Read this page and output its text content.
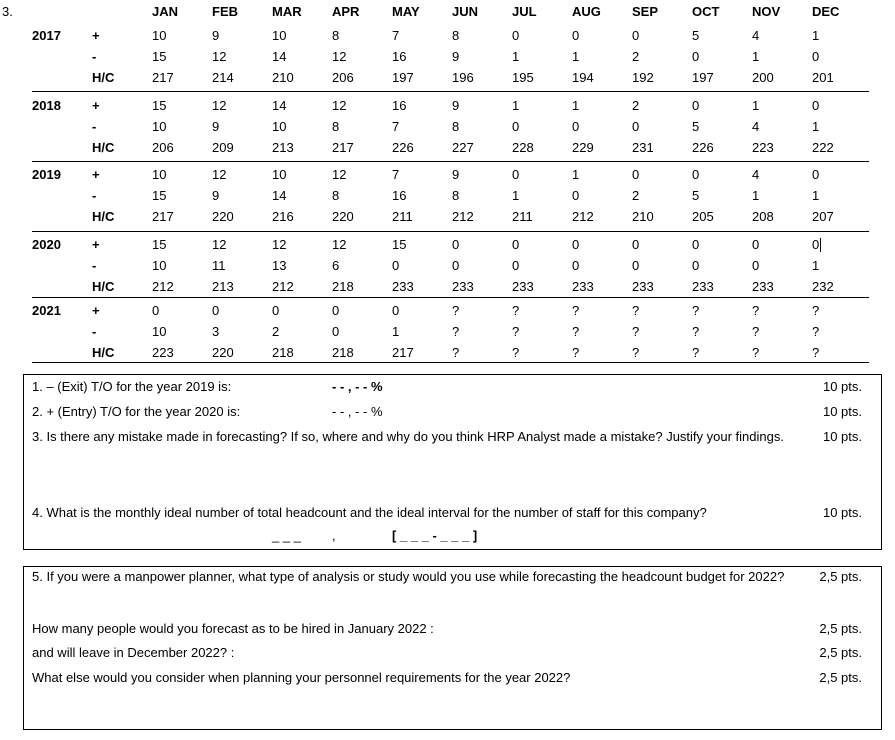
3.	JAN	FEB	MAR APR	MAY JUN	JUL	AUG SEP	OCT	NOV DEC
2017 +	10	9	10	8	7	8	0	0	0	5	4	1
-	15	12	14	12	16	9	1	1	2	0	1	0
H/C	217	214	210	206	197	196	195	194	192	197	200	201
2018 +	15	12	14	12	16	9	1	1	2	0	1	0
-	10	9	10	8	7	8	0	0	0	5	4	1
H/C	206	209	213	217	226	227	228	229	231	226	223	222
2019 +	10	12	10	12	7	9	0	1	0	0	4	0
-	15	9	14	8	16	8	1	0	2	5	1	1
H/C	217	220	216	220	211	212	211	212	210	205	208	207
2020 +	15	12	12	12	15	0	0	0	0	0	0	0
-	10	11	13	6	0	0	0	0	0	0	0	1
H/C	212	213	212	218	233	233	233	233	233	233	233	232
2021 +	0	0	0	0	0	?	?	?	?	?	?	?
-	10	3	2	0	1	?	?	?	?	?	?	?
H/C	223	220	218	218	217	?	?	?	?	?	?	?
1. – (Exit) T/O for the year 2019 is:	- - , - - %	10 pts.
2. + (Entry) T/O for the year 2020 is:	- - , - - %	10 pts.
3. Is there any mistake made in forecasting? If so, where and why do you think HRP Analyst made a mistake? Justify your findings.	10 pts.
4. What is the monthly ideal number of total headcount and the ideal interval for the number of staff for this company?	10 pts.
_ _ _ ,	[ _ _ _ - _ _ _ ]
5. If you were a manpower planner, what type of analysis or study would you use while forecasting the headcount budget for 2022?	2,5 pts.
How many people would you forecast as to be hired in January 2022 :	2,5 pts.
and will leave in December 2022? :	2,5 pts.
What else would you consider when planning your personnel requirements for the year 2022?	2,5 pts.
